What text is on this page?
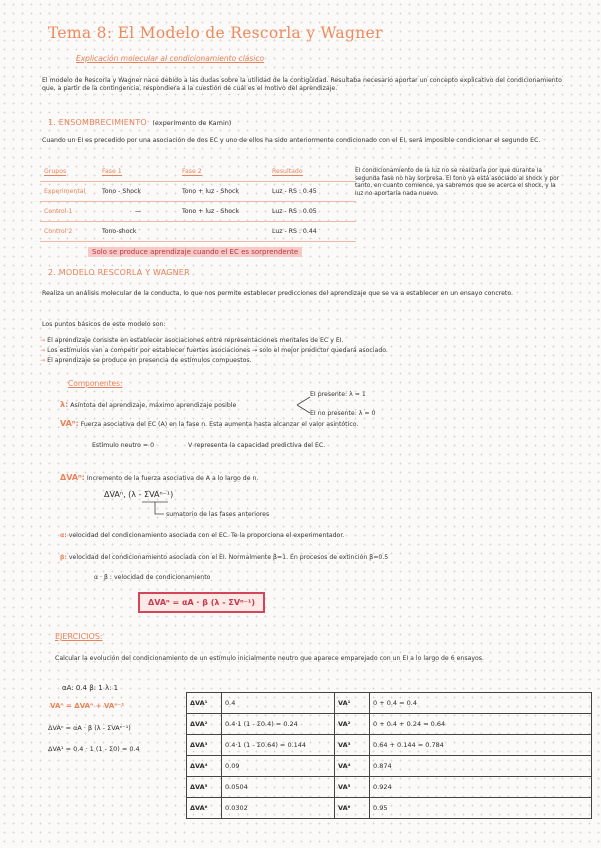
Tema 8: El Modelo de Rescorla y Wagner
Explicación molecular al condicionamiento clásico
El modelo de Rescorla y Wagner nace debido a las dudas sobre la utilidad de la contigüidad. Resultaba necesario aportar un concepto explicativo del condicionamiento que, a partir de la contingencia, respondiera a la cuestión de cuál es el motivo del aprendizaje.
1. ENSOMBRECIMIENTO (experimento de Kamin)
Cuando un EI es precedido por una asociación de dos EC y uno de ellos ha sido anteriormente condicionado con el EI, será imposible condicionar el segundo EC.
Grupos	Fase 1	Fase 2	Resultado
Experimental	Tono - Shock	Tono + luz - Shock	Luz - RS : 0.45
Control 1	—	Tono + luz - Shock	Luz - RS : 0.05
Control 2	Tono-shock		Luz - RS : 0.44
El condicionamiento de la luz no se realizaría por que durante la segunda fase no hay sorpresa. El tono ya está asociado al shock y por tanto, en cuanto comience, ya sabremos que se acerca el shock, y la luz no aportaría nada nuevo.
Solo se produce aprendizaje cuando el EC es sorprendente
2. MODELO RESCORLA Y WAGNER
Realiza un análisis molecular de la conducta, lo que nos permite establecer predicciones del aprendizaje que se va a establecer en un ensayo concreto.
Los puntos básicos de este modelo son:
→ El aprendizaje consiste en establecer asociaciones entre representaciones mentales de EC y EI.
→ Los estímulos van a competir por establecer fuertes asociaciones → solo el mejor predictor quedará asociado.
→ El aprendizaje se produce en presencia de estímulos compuestos.
Componentes:
λ: Asíntota del aprendizaje, máximo aprendizaje posible
EI presente: λ = 1
EI no presente: λ = 0
VAⁿ: Fuerza asociativa del EC (A) en la fase n. Esta aumenta hasta alcanzar el valor asintótico.
Estímulo neutro = 0	V representa la capacidad predictiva del EC.
ΔVAⁿ: Incremento de la fuerza asociativa de A a lo largo de n.
ΔVAⁿ, (λ - ΣVAⁿ⁻¹)
sumatorio de las fases anteriores
α: velocidad del condicionamiento asociada con el EC. Te la proporciona el experimentador.
β: velocidad del condicionamiento asociada con el EI. Normalmente β=1. En procesos de extinción β=0.5
α · β : velocidad de condicionamiento
ΔVAⁿ = αA · β (λ - ΣVⁿ⁻¹)
EJERCICIOS:
Calcular la evolución del condicionamiento de un estímulo inicialmente neutro que aparece emparejado con un EI a lo largo de 6 ensayos.
αA: 0.4 β: 1 λ: 1
VAⁿ = ΔVAⁿ + VAⁿ⁻¹
ΔVAⁿ = αA · β (λ - ΣVAⁿ⁻¹)
ΔVA¹ = 0.4 · 1 (1 - Σ0) = 0.4
ΔVA¹	0.4	VA¹	0 + 0.4 = 0.4
ΔVA²	0.4·1 (1 - Σ0.4) = 0.24	VA²	0 + 0.4 + 0.24 = 0.64
ΔVA³	0.4·1 (1 - Σ0.64) = 0.144	VA³	0.64 + 0.144 = 0.784
ΔVA⁴	0.09	VA⁴	0.874
ΔVA⁵	0.0504	VA⁵	0.924
ΔVA⁶	0.0302	VA⁶	0.95
